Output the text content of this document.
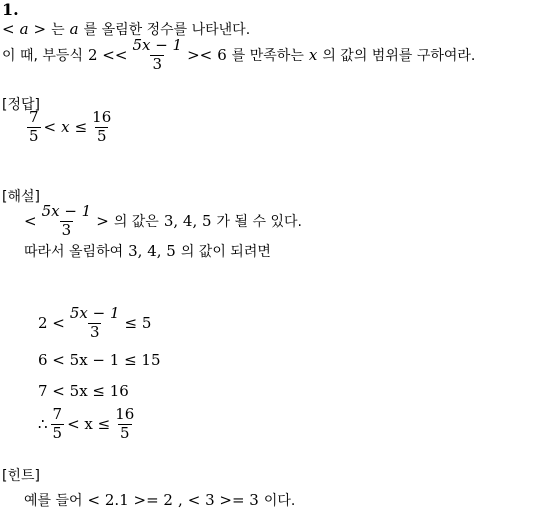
1.
< a > 는 a 를 올림한 정수를 나타낸다.
이 때, 부등식 $2 << \frac{5x - 1}{3} >< 6$ 를 만족하는 x 의 값의 범위를 구하여라.
[정답]
$\frac{7}{5} < x \le \frac{16}{5}$
[해설]
< $\frac{5x - 1}{3}$ > 의 값은 3, 4, 5 가 될 수 있다.
따라서 올림하여 3, 4, 5 의 값이 되려면
$2 < \frac{5x - 1}{3} \le 5$
6 < 5x − 1 ≤ 15
7 < 5x ≤ 16
∴ $\frac{7}{5} < x \le \frac{16}{5}$
[힌트]
예를 들어 < 2.1 >= 2 , < 3 >= 3 이다.
